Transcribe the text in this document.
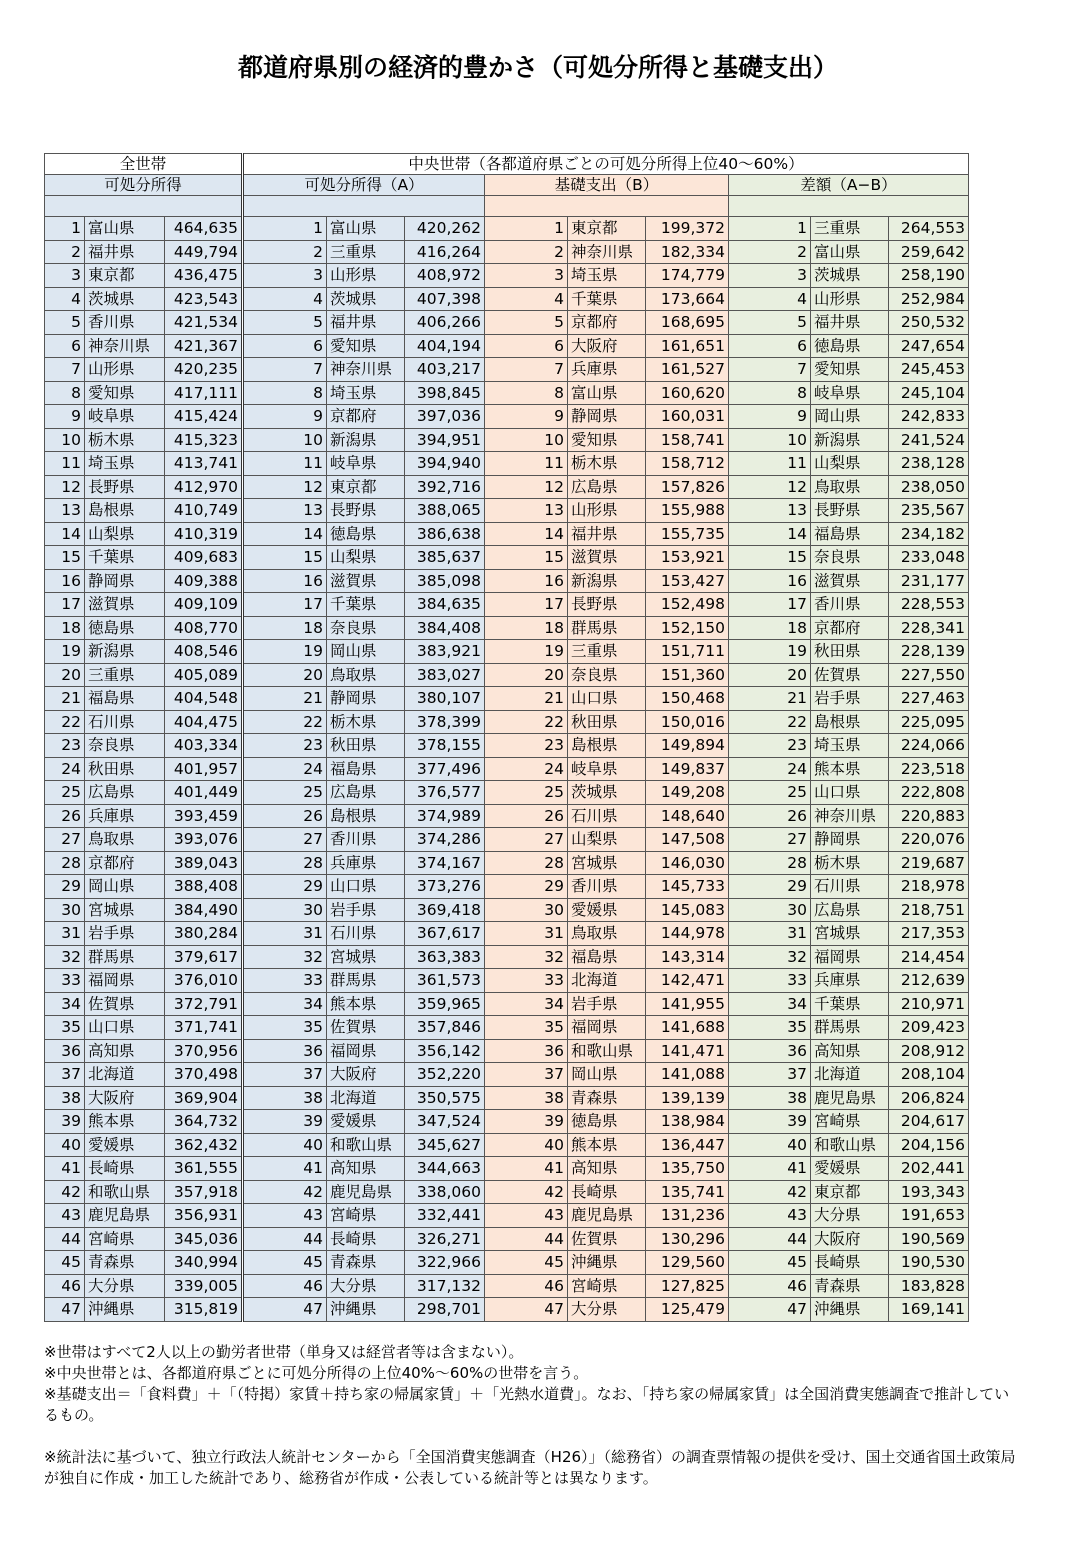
都道府県別の経済的豊かさ（可処分所得と基礎支出）
全世帯			中央世帯（各都道府県ごとの可処分所得上位40～60%）								
可処分所得			可処分所得（A）			基礎支出（B）			差額（A−B）		

1	富山県	464,635	1	富山県	420,262	1	東京都	199,372	1	三重県	264,553
2	福井県	449,794	2	三重県	416,264	2	神奈川県	182,334	2	富山県	259,642
3	東京都	436,475	3	山形県	408,972	3	埼玉県	174,779	3	茨城県	258,190
4	茨城県	423,543	4	茨城県	407,398	4	千葉県	173,664	4	山形県	252,984
5	香川県	421,534	5	福井県	406,266	5	京都府	168,695	5	福井県	250,532
6	神奈川県	421,367	6	愛知県	404,194	6	大阪府	161,651	6	徳島県	247,654
7	山形県	420,235	7	神奈川県	403,217	7	兵庫県	161,527	7	愛知県	245,453
8	愛知県	417,111	8	埼玉県	398,845	8	富山県	160,620	8	岐阜県	245,104
9	岐阜県	415,424	9	京都府	397,036	9	静岡県	160,031	9	岡山県	242,833
10	栃木県	415,323	10	新潟県	394,951	10	愛知県	158,741	10	新潟県	241,524
11	埼玉県	413,741	11	岐阜県	394,940	11	栃木県	158,712	11	山梨県	238,128
12	長野県	412,970	12	東京都	392,716	12	広島県	157,826	12	鳥取県	238,050
13	島根県	410,749	13	長野県	388,065	13	山形県	155,988	13	長野県	235,567
14	山梨県	410,319	14	徳島県	386,638	14	福井県	155,735	14	福島県	234,182
15	千葉県	409,683	15	山梨県	385,637	15	滋賀県	153,921	15	奈良県	233,048
16	静岡県	409,388	16	滋賀県	385,098	16	新潟県	153,427	16	滋賀県	231,177
17	滋賀県	409,109	17	千葉県	384,635	17	長野県	152,498	17	香川県	228,553
18	徳島県	408,770	18	奈良県	384,408	18	群馬県	152,150	18	京都府	228,341
19	新潟県	408,546	19	岡山県	383,921	19	三重県	151,711	19	秋田県	228,139
20	三重県	405,089	20	鳥取県	383,027	20	奈良県	151,360	20	佐賀県	227,550
21	福島県	404,548	21	静岡県	380,107	21	山口県	150,468	21	岩手県	227,463
22	石川県	404,475	22	栃木県	378,399	22	秋田県	150,016	22	島根県	225,095
23	奈良県	403,334	23	秋田県	378,155	23	島根県	149,894	23	埼玉県	224,066
24	秋田県	401,957	24	福島県	377,496	24	岐阜県	149,837	24	熊本県	223,518
25	広島県	401,449	25	広島県	376,577	25	茨城県	149,208	25	山口県	222,808
26	兵庫県	393,459	26	島根県	374,989	26	石川県	148,640	26	神奈川県	220,883
27	鳥取県	393,076	27	香川県	374,286	27	山梨県	147,508	27	静岡県	220,076
28	京都府	389,043	28	兵庫県	374,167	28	宮城県	146,030	28	栃木県	219,687
29	岡山県	388,408	29	山口県	373,276	29	香川県	145,733	29	石川県	218,978
30	宮城県	384,490	30	岩手県	369,418	30	愛媛県	145,083	30	広島県	218,751
31	岩手県	380,284	31	石川県	367,617	31	鳥取県	144,978	31	宮城県	217,353
32	群馬県	379,617	32	宮城県	363,383	32	福島県	143,314	32	福岡県	214,454
33	福岡県	376,010	33	群馬県	361,573	33	北海道	142,471	33	兵庫県	212,639
34	佐賀県	372,791	34	熊本県	359,965	34	岩手県	141,955	34	千葉県	210,971
35	山口県	371,741	35	佐賀県	357,846	35	福岡県	141,688	35	群馬県	209,423
36	高知県	370,956	36	福岡県	356,142	36	和歌山県	141,471	36	高知県	208,912
37	北海道	370,498	37	大阪府	352,220	37	岡山県	141,088	37	北海道	208,104
38	大阪府	369,904	38	北海道	350,575	38	青森県	139,139	38	鹿児島県	206,824
39	熊本県	364,732	39	愛媛県	347,524	39	徳島県	138,984	39	宮崎県	204,617
40	愛媛県	362,432	40	和歌山県	345,627	40	熊本県	136,447	40	和歌山県	204,156
41	長崎県	361,555	41	高知県	344,663	41	高知県	135,750	41	愛媛県	202,441
42	和歌山県	357,918	42	鹿児島県	338,060	42	長崎県	135,741	42	東京都	193,343
43	鹿児島県	356,931	43	宮崎県	332,441	43	鹿児島県	131,236	43	大分県	191,653
44	宮崎県	345,036	44	長崎県	326,271	44	佐賀県	130,296	44	大阪府	190,569
45	青森県	340,994	45	青森県	322,966	45	沖縄県	129,560	45	長崎県	190,530
46	大分県	339,005	46	大分県	317,132	46	宮崎県	127,825	46	青森県	183,828
47	沖縄県	315,819	47	沖縄県	298,701	47	大分県	125,479	47	沖縄県	169,141

※世帯はすべて2人以上の勤労者世帯（単身又は経営者等は含まない）。

※中央世帯とは、各都道府県ごとに可処分所得の上位40%～60%の世帯を言う。

※基礎支出＝「食料費」＋「（特掲）家賃＋持ち家の帰属家賃」＋「光熱水道費」。なお、「持ち家の帰属家賃」は全国消費実態調査で推計しているもの。

※統計法に基づいて、独立行政法人統計センターから「全国消費実態調査（H26）」（総務省）の調査票情報の提供を受け、国土交通省国土政策局が独自に作成・加工した統計であり、総務省が作成・公表している統計等とは異なります。
